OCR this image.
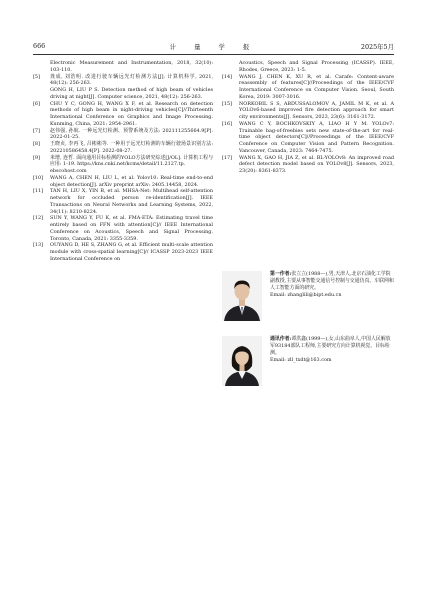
666	计 量 学 报	2025年5月
Electronic Measurement and Instrumentation, 2018, 32(10): 103-110.
[5]	龚成, 刘浩明. 改进行驶车辆远光灯检测方法[J]. 计算机科学, 2021, 48(12): 256-263.
GONG H, LIU P S. Detection method of high beam of vehicles driving at night[J]. Computer science, 2021, 48(12): 256-263.
[6]	CHU Y C, GONG H, WANG X F, et al. Research on detection methods of high beam in night-driving vehicles[C]//Thirteenth International Conference on Graphics and Image Processing. Kunming, China, 2021: 2954-2961.
[7]	赵伟强, 孙航. 一种远光灯检测、预警系统及方法: 202111255664.9[P]. 2022-01-25.
[8]	王晓贞, 李再飞, 吕彬彬等. 一种用于远光灯检测的车辆行驶场景识别方法: 202210586458.4[P]. 2022-08-27.
[9]	米增, 连哲. 面向通用目标检测的YOLO方法研究综述[J/OL]. 计算机工程与应用: 1-19. https://kns.cnki.net/kcms/detail/11.2127.tp.
ebscohost.com
[10]	WANG A, CHEN H, LIU L, et al. Yolov10: Real-time end-to-end object detection[J]. arXiv preprint arXiv: 2405.14458, 2024.
[11]	TAN H, LIU X, YIN B, et al. MHSA-Net: Multihead self-attention network for occluded person re-identification[J]. IEEE Transactions on Neural Networks and Learning Systems, 2022, 34(11): 8210-8224.
[12]	SUN Y, WANG Y, FU K, et al. FMA-ETA: Estimating travel time entirely based on FFN with attention[C]// IEEE International Conference on Acoustics, Speech and Signal Processing. Toronto, Canada, 2021: 3355-3359.
[13]	OUYANG D, HE S, ZHANG G, et al. Efficient multi-scale attention module with cross-spatial learning[C]// ICASSP 2023-2023 IEEE International Conference on
Acoustics, Speech and Signal Processing (ICASSP). IEEE, Rhodes, Greece, 2023: 1-5.
[14]	WANG J, CHEN K, XU R, et al. Carafe: Content-aware reassembly of features[C]//Proceedings of the IEEE/CVF International Conference on Computer Vision. Seoul, South Korea, 2019: 3007-3016.
[15]	NORKOBIL S S, ABDUSSALOMOV A, JAMIL M K, et al. A YOLOv6-based improved fire detection approach for smart city environments[J]. Sensors, 2023, 23(6): 3161-3172.
[16]	WANG C Y, BOCHKOVSKIY A, LIAO H Y M. YOLOv7: Trainable bag-of-freebies sets new state-of-the-art for real-time object detectors[C]//Proceedings of the IEEE/CVF Conference on Computer Vision and Pattern Recognition. Vancouver, Canada, 2023: 7464-7475.
[17]	WANG X, GAO H, JIA Z, et al. BL-YOLOv8: An improved road defect detection model based on YOLOv8[J]. Sensors, 2023, 23(20): 8361-8373.
第一作者:张立立(1988—),男,天津人,北京石油化工学院副教授,主要从事智能交通信号控制与交通仿真、车联网和人工智能方面的研究。
Email: zhanglili@bipt.edu.cn
通讯作者:谭洪鑫(1999—),女,山东曲阜人,中国人民解放军93184部队工程师,主要研究方向计算机视觉、目标检测。
Email: zll_txdt@163.com
